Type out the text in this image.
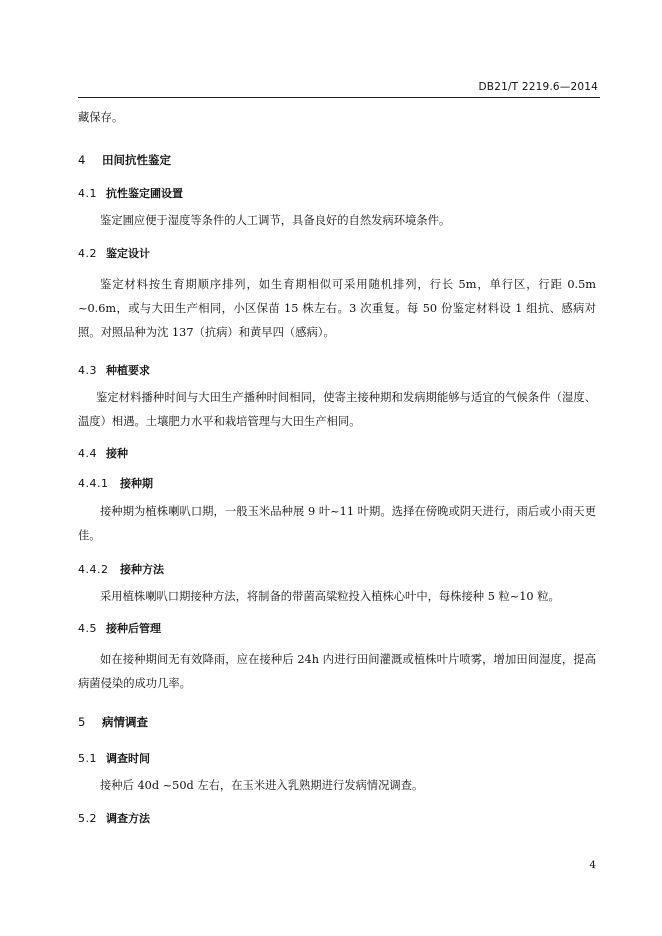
DB21/T 2219.6—2014
藏保存。
4 田间抗性鉴定
4.1 抗性鉴定圃设置
鉴定圃应便于湿度等条件的人工调节，具备良好的自然发病环境条件。
4.2 鉴定设计
鉴定材料按生育期顺序排列，如生育期相似可采用随机排列，行长 5m，单行区，行距 0.5m ~0.6m，或与大田生产相同，小区保苗 15 株左右。3 次重复。每 50 份鉴定材料设 1 组抗、感病对照。对照品种为沈 137（抗病）和黄早四（感病）。
4.3 种植要求
鉴定材料播种时间与大田生产播种时间相同，使寄主接种期和发病期能够与适宜的气候条件（湿度、温度）相遇。土壤肥力水平和栽培管理与大田生产相同。
4.4 接种
4.4.1 接种期
接种期为植株喇叭口期，一般玉米品种展 9 叶~11 叶期。选择在傍晚或阴天进行，雨后或小雨天更佳。
4.4.2 接种方法
采用植株喇叭口期接种方法，将制备的带菌高粱粒投入植株心叶中，每株接种 5 粒~10 粒。
4.5 接种后管理
如在接种期间无有效降雨，应在接种后 24h 内进行田间灌溉或植株叶片喷雾，增加田间湿度，提高病菌侵染的成功几率。
5 病情调查
5.1 调查时间
接种后 40d ~50d 左右，在玉米进入乳熟期进行发病情况调查。
5.2 调查方法
4
